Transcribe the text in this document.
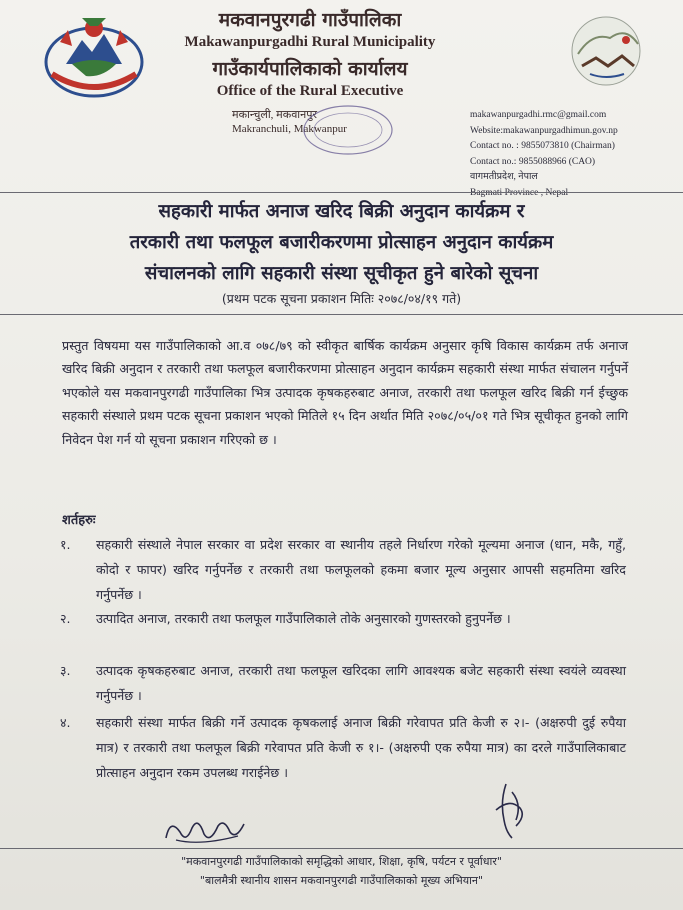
मकवानपुरगढी गाउँपालिका
Makawanpurgadhi Rural Municipality
गाउँकार्यपालिकाको कार्यालय
Office of the Rural Executive
मकान्चुली, मकवानपुर
Makranchuli, Makwanpur
makawanpurgadhi.rmc@gmail.com
Website:makawanpurgadhimun.gov.np
Contact no. : 9855073810 (Chairman)
Contact no.: 9855088966 (CAO)
वागमतीप्रदेश, नेपाल
सहकारी मार्फत अनाज खरिद बिक्री अनुदान कार्यक्रम र
तरकारी तथा फलफूल बजारीकरणमा प्रोत्साहन अनुदान कार्यक्रम
संचालनको लागि सहकारी संस्था सूचीकृत हुने बारेको सूचना
(प्रथम पटक सूचना प्रकाशन मितिः २०७८/०४/१९ गते)
प्रस्तुत विषयमा यस गाउँपालिकाको आ.व ०७८/७९ को स्वीकृत बार्षिक कार्यक्रम अनुसार कृषि विकास कार्यक्रम तर्फ अनाज खरिद बिक्री अनुदान र तरकारी तथा फलफूल बजारीकरणमा प्रोत्साहन अनुदान कार्यक्रम सहकारी संस्था मार्फत संचालन गर्नुपर्ने भएकोले यस मकवानपुरगढी गाउँपालिका भित्र उत्पादक कृषकहरुबाट अनाज, तरकारी तथा फलफूल खरिद बिक्री गर्न ईच्छुक सहकारी संस्थाले प्रथम पटक सूचना प्रकाशन भएको मितिले १५ दिन अर्थात मिति २०७८/०५/०१ गते भित्र सूचीकृत हुनको लागि निवेदन पेश गर्न यो सूचना प्रकाशन गरिएको छ ।
शर्तहरुः
१.	सहकारी संस्थाले नेपाल सरकार वा प्रदेश सरकार वा स्थानीय तहले निर्धारण गरेको मूल्यमा अनाज (धान, मकै, गहुँ, कोदो र फापर) खरिद गर्नुपर्नेछ र तरकारी तथा फलफूलको हकमा बजार मूल्य अनुसार आपसी सहमतिमा खरिद गर्नुपर्नेछ ।
२.	उत्पादित अनाज, तरकारी तथा फलफूल गाउँपालिकाले तोके अनुसारको गुणस्तरको हुनुपर्नेछ ।
३.	उत्पादक कृषकहरुबाट अनाज, तरकारी तथा फलफूल खरिदका लागि आवश्यक बजेट सहकारी संस्था स्वयंले व्यवस्था गर्नुपर्नेछ ।
४.	सहकारी संस्था मार्फत बिक्री गर्ने उत्पादक कृषकलाई अनाज बिक्री गरेवापत प्रति केजी रु २।- (अक्षरुपी दुई रुपैया मात्र) र तरकारी तथा फलफूल बिक्री गरेवापत प्रति केजी रु १।- (अक्षरुपी एक रुपैया मात्र) का दरले गाउँपालिकाबाट प्रोत्साहन अनुदान रकम उपलब्ध गराईनेछ ।
"मकवानपुरगढी गाउँपालिकाको समृद्धिको आधार, शिक्षा, कृषि, पर्यटन र पूर्वाधार"
"बालमैत्री स्थानीय शासन मकवानपुरगढी गाउँपालिकाको मूख्य अभियान"
